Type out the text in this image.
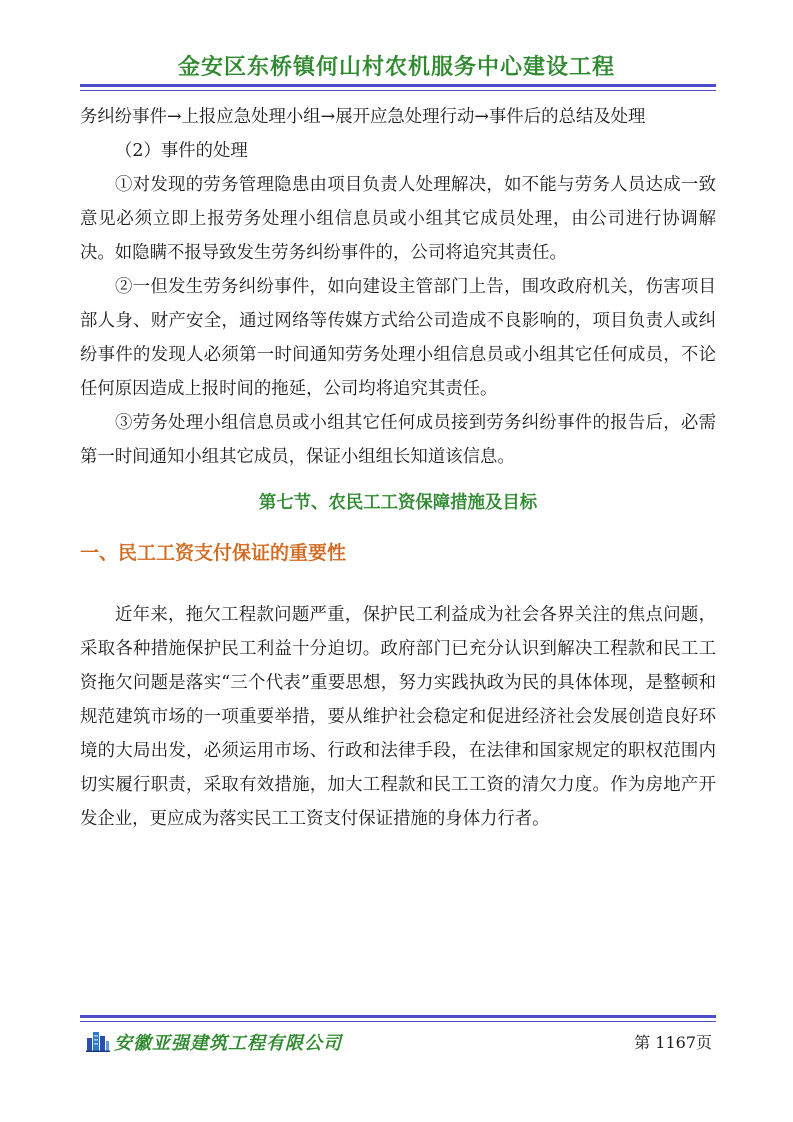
金安区东桥镇何山村农机服务中心建设工程

务纠纷事件→上报应急处理小组→展开应急处理行动→事件后的总结及处理

（2）事件的处理

①对发现的劳务管理隐患由项目负责人处理解决，如不能与劳务人员达成一致意见必须立即上报劳务处理小组信息员或小组其它成员处理，由公司进行协调解决。如隐瞒不报导致发生劳务纠纷事件的，公司将追究其责任。

②一但发生劳务纠纷事件，如向建设主管部门上告，围攻政府机关，伤害项目部人身、财产安全，通过网络等传媒方式给公司造成不良影响的，项目负责人或纠纷事件的发现人必须第一时间通知劳务处理小组信息员或小组其它任何成员，不论任何原因造成上报时间的拖延，公司均将追究其责任。

③劳务处理小组信息员或小组其它任何成员接到劳务纠纷事件的报告后，必需第一时间通知小组其它成员，保证小组组长知道该信息。

第七节、农民工工资保障措施及目标

一、民工工资支付保证的重要性

近年来，拖欠工程款问题严重，保护民工利益成为社会各界关注的焦点问题，采取各种措施保护民工利益十分迫切。政府部门已充分认识到解决工程款和民工工资拖欠问题是落实“三个代表”重要思想，努力实践执政为民的具体体现，是整顿和规范建筑市场的一项重要举措，要从维护社会稳定和促进经济社会发展创造良好环境的大局出发，必须运用市场、行政和法律手段，在法律和国家规定的职权范围内切实履行职责，采取有效措施，加大工程款和民工工资的清欠力度。作为房地产开发企业，更应成为落实民工工资支付保证措施的身体力行者。

安徽亚强建筑工程有限公司	第 1167页
